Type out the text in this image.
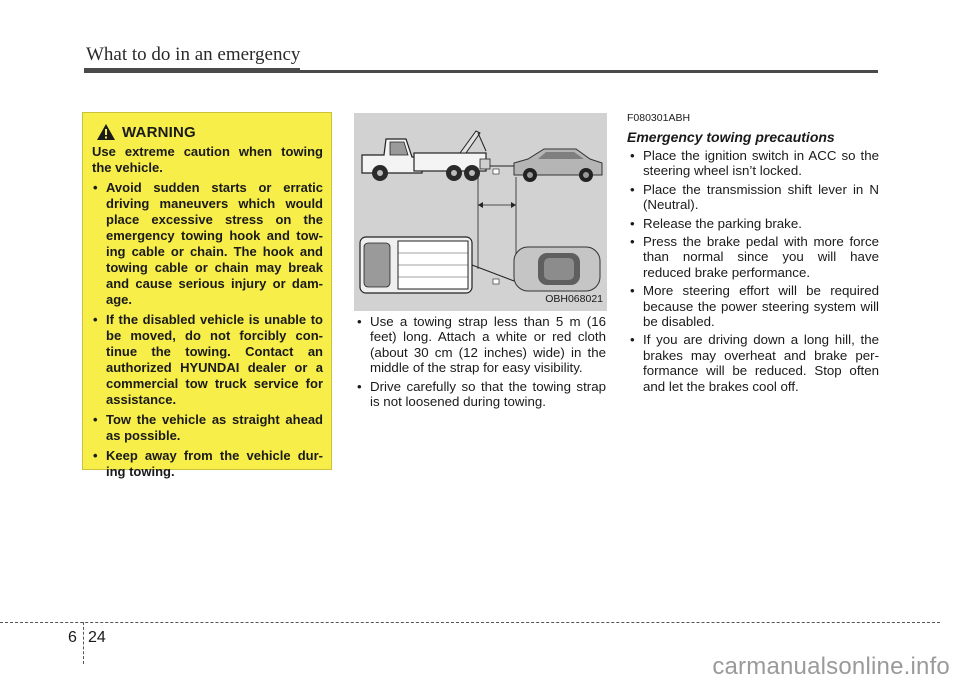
What to do in an emergency
WARNING

Use extreme caution when towing the vehicle.

• Avoid sudden starts or erratic driving maneuvers which would place excessive stress on the emergency towing hook and tow-ing cable or chain. The hook and towing cable or chain may break and cause serious injury or dam-age.
• If the disabled vehicle is unable to be moved, do not forcibly con-tinue the towing. Contact an authorized HYUNDAI dealer or a commercial tow truck service for assistance.
• Tow the vehicle as straight ahead as possible.
• Keep away from the vehicle dur-ing towing.
OBH068021
• Use a towing strap less than 5 m (16 feet) long. Attach a white or red cloth (about 30 cm (12 inches) wide) in the middle of the strap for easy visibility.
• Drive carefully so that the towing strap is not loosened during towing.

F080301ABH

Emergency towing precautions

• Place the ignition switch in ACC so the steering wheel isn’t locked.
• Place the transmission shift lever in N (Neutral).
• Release the parking brake.
• Press the brake pedal with more force than normal since you will have reduced brake performance.
• More steering effort will be required because the power steering system will be disabled.
• If you are driving down a long hill, the brakes may overheat and brake per-formance will be reduced. Stop often and let the brakes cool off.
6 24
carmanualsonline.info
